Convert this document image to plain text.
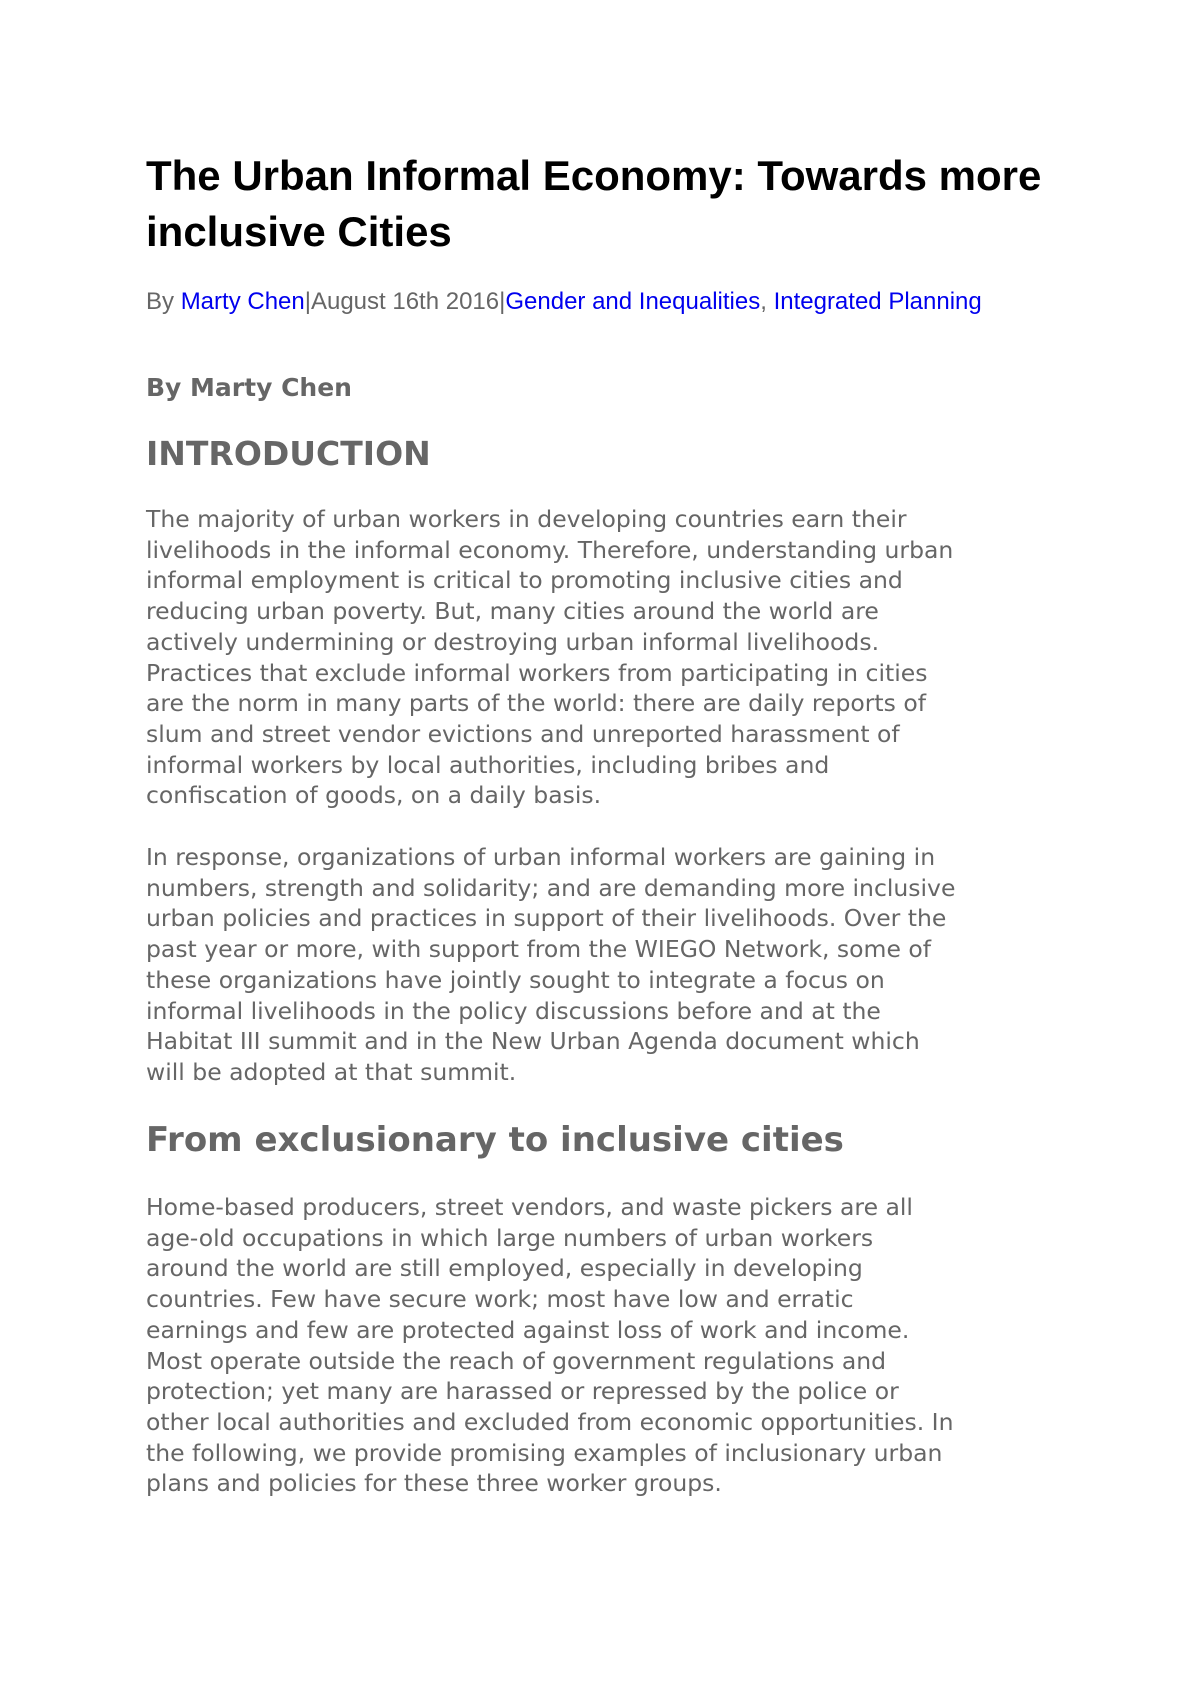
The Urban Informal Economy: Towards more inclusive Cities

By Marty Chen|August 16th 2016|Gender and Inequalities, Integrated Planning

By Marty Chen

INTRODUCTION

The majority of urban workers in developing countries earn their
livelihoods in the informal economy. Therefore, understanding urban
informal employment is critical to promoting inclusive cities and
reducing urban poverty. But, many cities around the world are
actively undermining or destroying urban informal livelihoods.
Practices that exclude informal workers from participating in cities
are the norm in many parts of the world: there are daily reports of
slum and street vendor evictions and unreported harassment of
informal workers by local authorities, including bribes and
confiscation of goods, on a daily basis.

In response, organizations of urban informal workers are gaining in
numbers, strength and solidarity; and are demanding more inclusive
urban policies and practices in support of their livelihoods. Over the
past year or more, with support from the WIEGO Network, some of
these organizations have jointly sought to integrate a focus on
informal livelihoods in the policy discussions before and at the
Habitat III summit and in the New Urban Agenda document which
will be adopted at that summit.

From exclusionary to inclusive cities

Home-based producers, street vendors, and waste pickers are all
age-old occupations in which large numbers of urban workers
around the world are still employed, especially in developing
countries. Few have secure work; most have low and erratic
earnings and few are protected against loss of work and income.
Most operate outside the reach of government regulations and
protection; yet many are harassed or repressed by the police or
other local authorities and excluded from economic opportunities. In
the following, we provide promising examples of inclusionary urban
plans and policies for these three worker groups.
